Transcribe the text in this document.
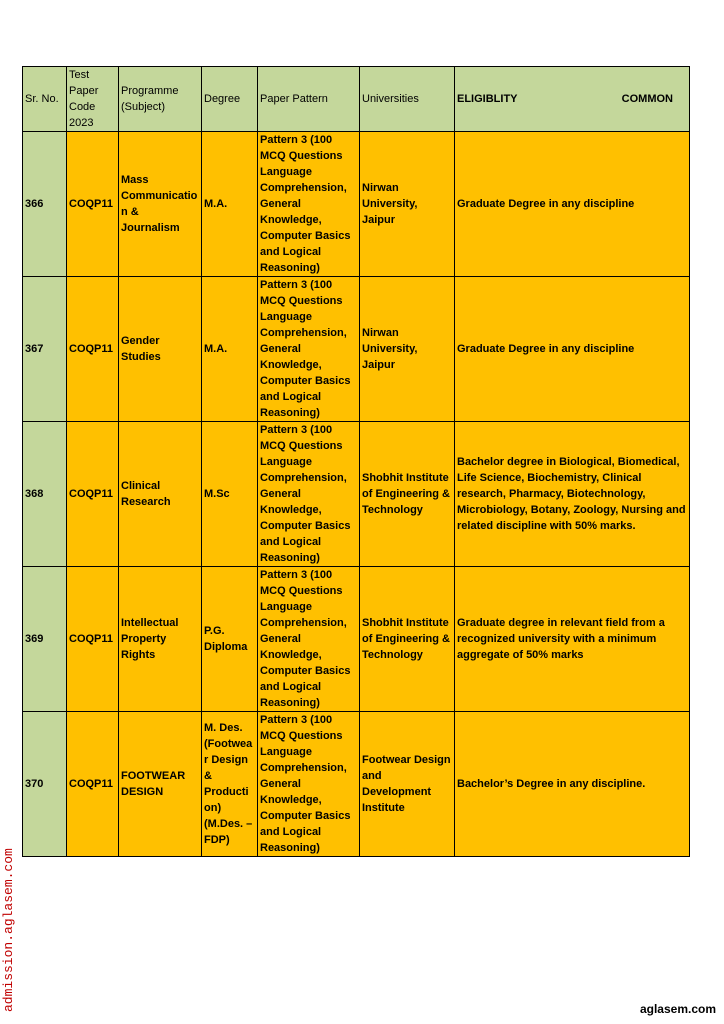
Sr. No.	Test Paper Code 2023	Programme (Subject)	Degree	Paper Pattern	Universities	ELIGIBLITY COMMON

366	COQP11	Mass Communication & Journalism	M.A.	Pattern 3 (100 MCQ Questions Language Comprehension, General Knowledge, Computer Basics and Logical Reasoning)	Nirwan University, Jaipur	Graduate Degree in any discipline
367	COQP11	Gender Studies	M.A.	Pattern 3 (100 MCQ Questions Language Comprehension, General Knowledge, Computer Basics and Logical Reasoning)	Nirwan University, Jaipur	Graduate Degree in any discipline
368	COQP11	Clinical Research	M.Sc	Pattern 3 (100 MCQ Questions Language Comprehension, General Knowledge, Computer Basics and Logical Reasoning)	Shobhit Institute of Engineering & Technology	Bachelor degree in Biological, Biomedical, Life Science, Biochemistry, Clinical research, Pharmacy, Biotechnology, Microbiology, Botany, Zoology, Nursing and related discipline with 50% marks.
369	COQP11	Intellectual Property Rights	P.G. Diploma	Pattern 3 (100 MCQ Questions Language Comprehension, General Knowledge, Computer Basics and Logical Reasoning)	Shobhit Institute of Engineering & Technology	Graduate degree in relevant field from a recognized university with a minimum aggregate of 50% marks
370	COQP11	FOOTWEAR DESIGN	M. Des. (Footwear Design & Production) (M.Des. – FDP)	Pattern 3 (100 MCQ Questions Language Comprehension, General Knowledge, Computer Basics and Logical Reasoning)	Footwear Design and Development Institute	Bachelor’s Degree in any discipline.
admission.aglasem.com	aglasem.com
